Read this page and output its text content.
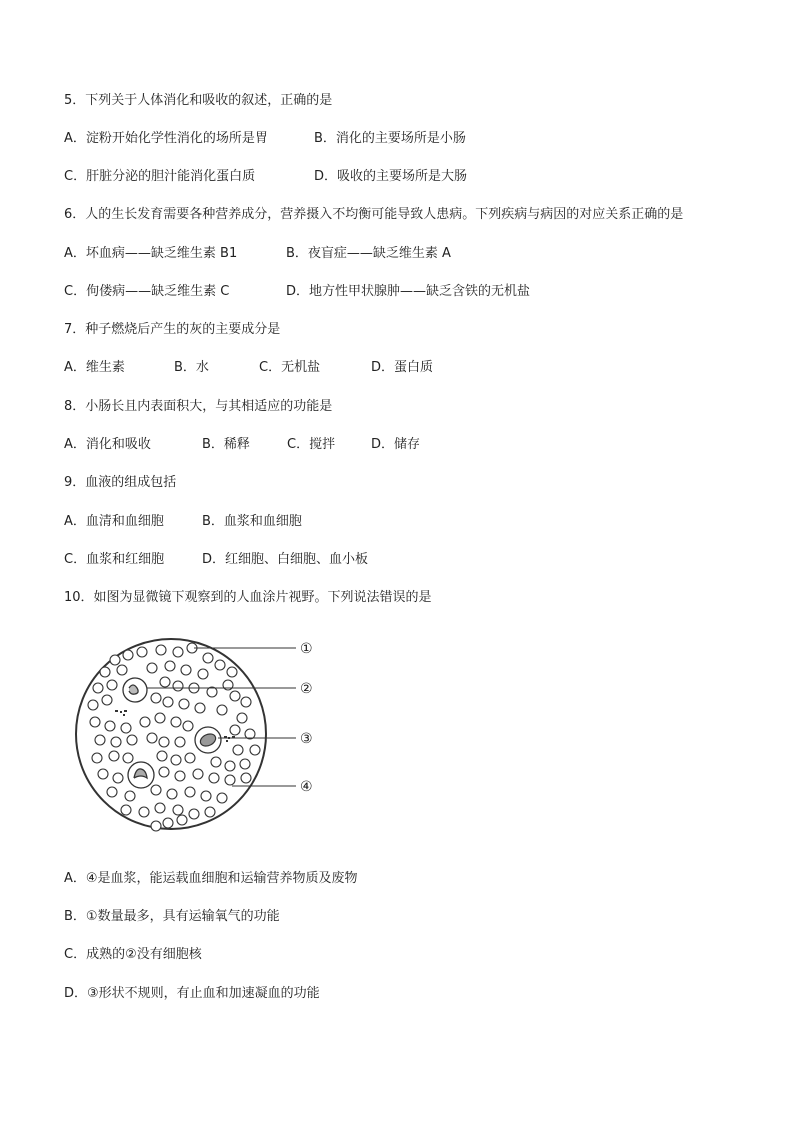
5．下列关于人体消化和吸收的叙述，正确的是

A．淀粉开始化学性消化的场所是胃

	B．消化的主要场所是小肠

C．肝脏分泌的胆汁能消化蛋白质

	D．吸收的主要场所是大肠

6．人的生长发育需要各种营养成分，营养摄入不均衡可能导致人患病。下列疾病与病因的对应关系正确的是

A．坏血病——缺乏维生素 B1

	B．夜盲症——缺乏维生素 A

C．佝偻病——缺乏维生素 C

	D．地方性甲状腺肿——缺乏含铁的无机盐

7．种子燃烧后产生的灰的主要成分是

A．维生素

	B．水

	C．无机盐

	D．蛋白质

8．小肠长且内表面积大，与其相适应的功能是

A．消化和吸收

	B．稀释

	C．搅拌

	D．储存

9．血液的组成包括

A．血清和血细胞

	B．血浆和血细胞

C．血浆和红细胞

	D．红细胞、白细胞、血小板

10．如图为显微镜下观察到的人血涂片视野。下列说法错误的是
①
②
③
④
A．④是血浆，能运载血细胞和运输营养物质及废物
B．①数量最多，具有运输氧气的功能
C．成熟的②没有细胞核
D．③形状不规则，有止血和加速凝血的功能
